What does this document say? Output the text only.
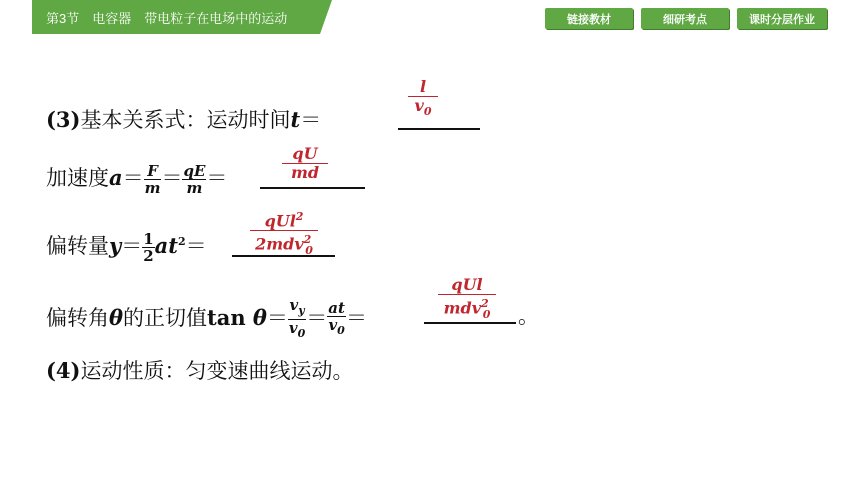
第3节　电容器　带电粒子在电场中的运动	链接教材	细研考点	课时分层作业
(3)基本关系式：运动时间t＝	$\frac{l}{v_0}$
加速度$a= \frac{F}{m} = \frac{qE}{m}$ ＝	$\frac{qU}{md}$
偏转量$y= \frac{1}{2} at^2=$
qUl$^2$
2mdv$^2_0$
偏转角θ的正切值$\tan \theta= \frac{v_y}{v_0} = \frac{at}{v_0}$ ＝
qUl
mdv$^2_0$ 。
(4)运动性质：匀变速曲线运动。
